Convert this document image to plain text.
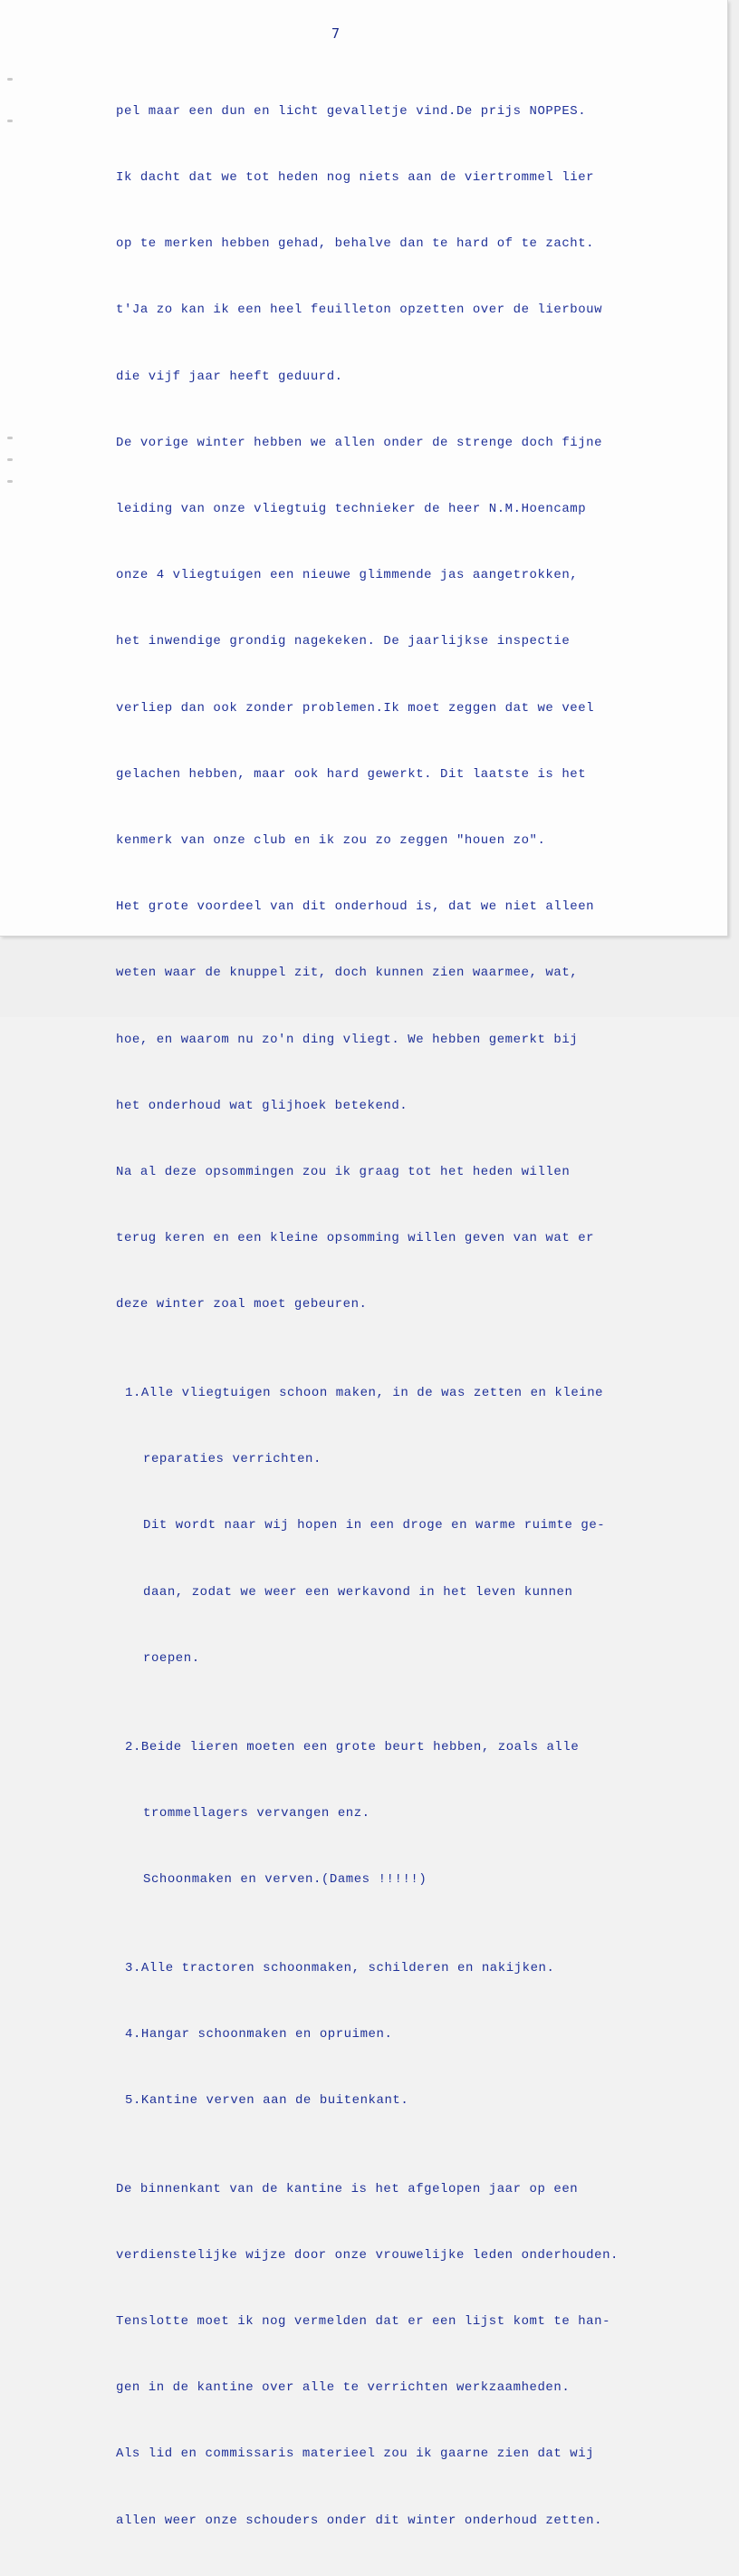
7

pel maar een dun en licht gevalletje vind.De prijs NOPPES.

Ik dacht dat we tot heden nog niets aan de viertrommel lier

op te merken hebben gehad, behalve dan te hard of te zacht.

t'Ja zo kan ik een heel feuilleton opzetten over de lierbouw

die vijf jaar heeft geduurd.

De vorige winter hebben we allen onder de strenge doch fijne

leiding van onze vliegtuig technieker de heer N.M.Hoencamp

onze 4 vliegtuigen een nieuwe glimmende jas aangetrokken,

het inwendige grondig nagekeken. De jaarlijkse inspectie

verliep dan ook zonder problemen.Ik moet zeggen dat we veel

gelachen hebben, maar ook hard gewerkt. Dit laatste is het

kenmerk van onze club en ik zou zo zeggen "houen zo".

Het grote voordeel van dit onderhoud is, dat we niet alleen

weten waar de knuppel zit, doch kunnen zien waarmee, wat,

hoe, en waarom nu zo'n ding vliegt. We hebben gemerkt bij

het onderhoud wat glijhoek betekend.

Na al deze opsommingen zou ik graag tot het heden willen

terug keren en een kleine opsomming willen geven van wat er

deze winter zoal moet gebeuren.

1.Alle vliegtuigen schoon maken, in de was zetten en kleine

reparaties verrichten.

Dit wordt naar wij hopen in een droge en warme ruimte ge-

daan, zodat we weer een werkavond in het leven kunnen

roepen.

2.Beide lieren moeten een grote beurt hebben, zoals alle

trommellagers vervangen enz.

Schoonmaken en verven.(Dames !!!!!)

3.Alle tractoren schoonmaken, schilderen en nakijken.

4.Hangar schoonmaken en opruimen.

5.Kantine verven aan de buitenkant.

De binnenkant van de kantine is het afgelopen jaar op een

verdienstelijke wijze door onze vrouwelijke leden onderhouden.

Tenslotte moet ik nog vermelden dat er een lijst komt te han-

gen in de kantine over alle te verrichten werkzaamheden.

Als lid en commissaris materieel zou ik gaarne zien dat wij

allen weer onze schouders onder dit winter onderhoud zetten.
